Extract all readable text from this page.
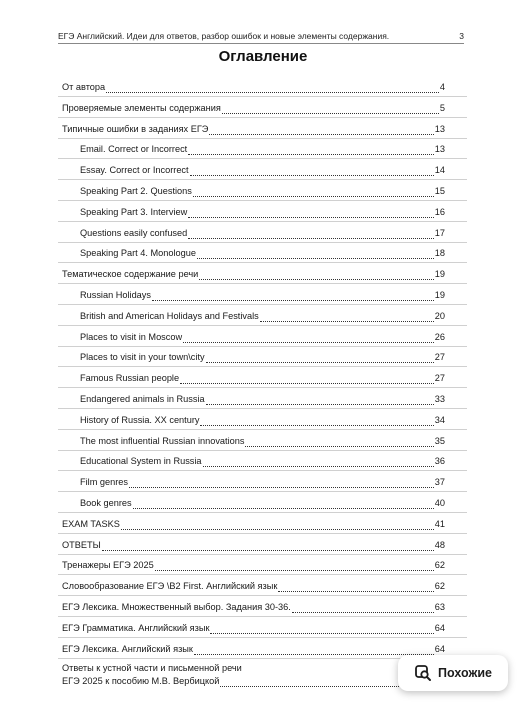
ЕГЭ Английский. Идеи для ответов, разбор ошибок и новые элементы содержания.	3
Оглавление
От автора	4
Проверяемые элементы содержания	5
Типичные ошибки в заданиях ЕГЭ	13
Email. Correct or Incorrect	13
Essay. Correct or Incorrect	14
Speaking Part 2. Questions	15
Speaking Part 3. Interview	16
Questions easily confused	17
Speaking Part 4. Monologue	18
Тематическое содержание речи	19
Russian Holidays	19
British and American Holidays and Festivals	20
Places to visit in Moscow	26
Places to visit in your town\city	27
Famous Russian people	27
Endangered animals in Russia	33
History of Russia. XX century	34
The most influential Russian innovations	35
Educational System in Russia	36
Film genres	37
Book genres	40
EXAM TASKS	41
ОТВЕТЫ	48
Тренажеры ЕГЭ 2025	62
Словообразование ЕГЭ \B2 First. Английский язык	62
ЕГЭ Лексика. Множественный выбор. Задания 30-36.	63
ЕГЭ Грамматика. Английский язык	64
ЕГЭ Лексика. Английский язык	64
Ответы к устной части и письменной речи
ЕГЭ 2025 к пособию М.В. Вербицкой
Похожие
